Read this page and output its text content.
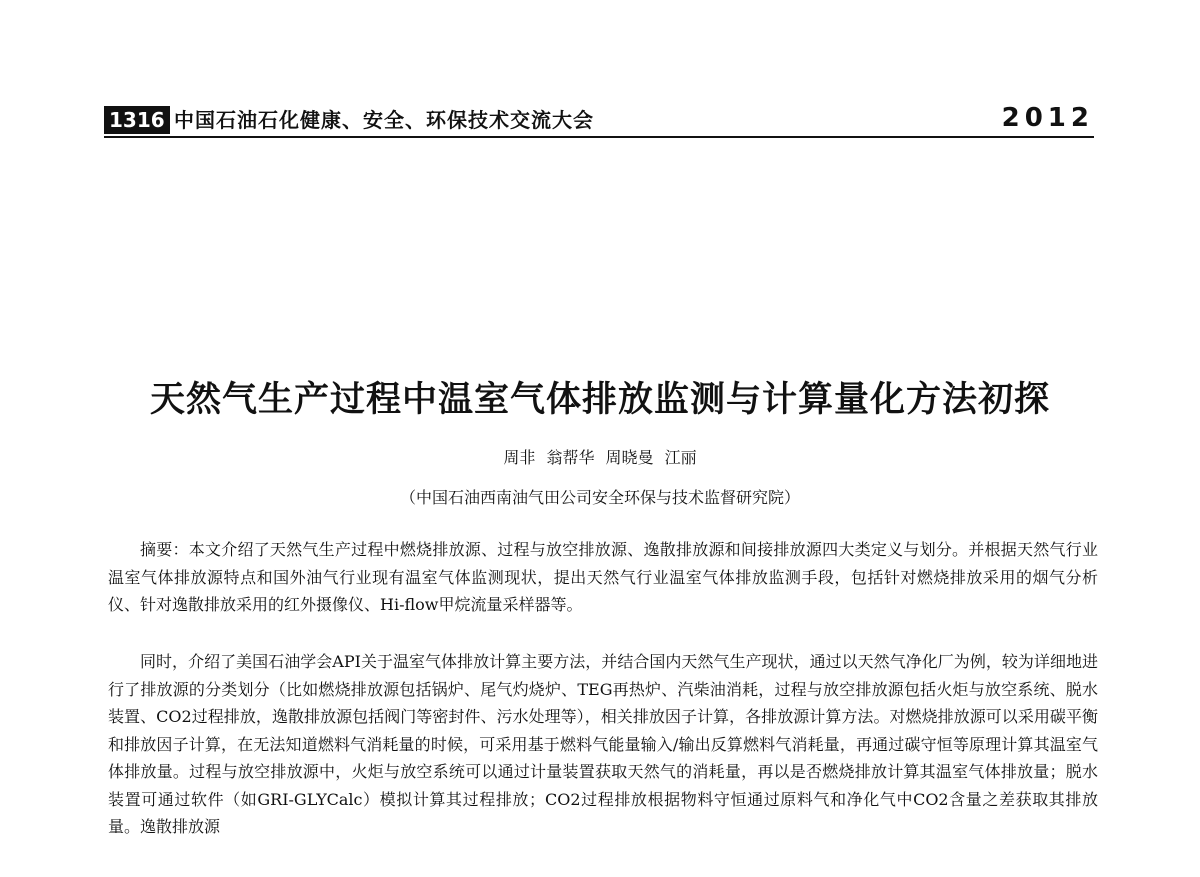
1316 中国石油石化健康、安全、环保技术交流大会	2012
天然气生产过程中温室气体排放监测与计算量化方法初探
周非 翁帮华 周晓曼 江丽
（中国石油西南油气田公司安全环保与技术监督研究院）

摘要：本文介绍了天然气生产过程中燃烧排放源、过程与放空排放源、逸散排放源和间接排放源四大类定义与划分。并根据天然气行业温室气体排放源特点和国外油气行业现有温室气体监测现状，提出天然气行业温室气体排放监测手段，包括针对燃烧排放采用的烟气分析仪、针对逸散排放采用的红外摄像仪、Hi-flow甲烷流量采样器等。

同时，介绍了美国石油学会API关于温室气体排放计算主要方法，并结合国内天然气生产现状，通过以天然气净化厂为例，较为详细地进行了排放源的分类划分（比如燃烧排放源包括锅炉、尾气灼烧炉、TEG再热炉、汽柴油消耗，过程与放空排放源包括火炬与放空系统、脱水装置、CO2过程排放，逸散排放源包括阀门等密封件、污水处理等），相关排放因子计算，各排放源计算方法。对燃烧排放源可以采用碳平衡和排放因子计算，在无法知道燃料气消耗量的时候，可采用基于燃料气能量输入/输出反算燃料气消耗量，再通过碳守恒等原理计算其温室气体排放量。过程与放空排放源中，火炬与放空系统可以通过计量装置获取天然气的消耗量，再以是否燃烧排放计算其温室气体排放量；脱水装置可通过软件（如GRI-GLYCalc）模拟计算其过程排放；CO2过程排放根据物料守恒通过原料气和净化气中CO2含量之差获取其排放量。逸散排放源
